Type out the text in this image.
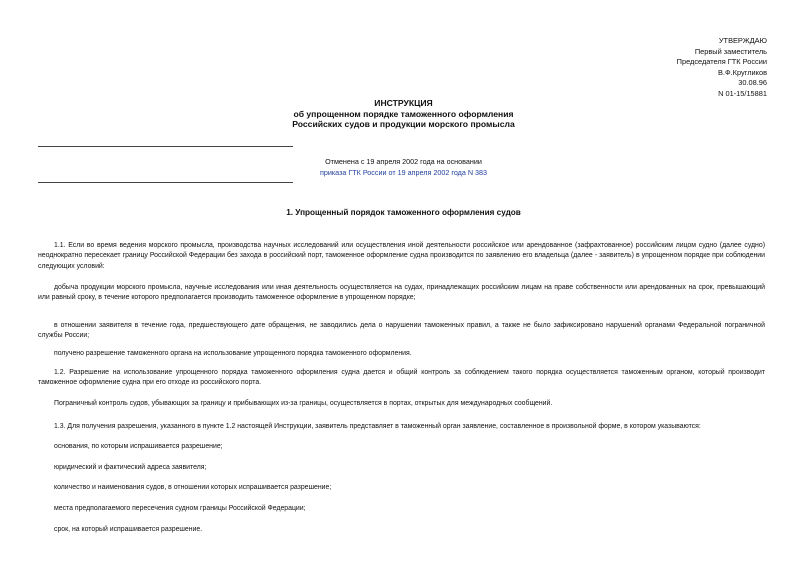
УТВЕРЖДАЮ
Первый заместитель
Председателя ГТК России
В.Ф.Кругликов
30.08.96
N 01-15/15881
ИНСТРУКЦИЯ
об упрощенном порядке таможенного оформления
Российских судов и продукции морского промысла
Отменена с 19 апреля 2002 года на основании
приказа ГТК России от 19 апреля 2002 года N 383
1. Упрощенный порядок таможенного оформления судов

1.1. Если во время ведения морского промысла, производства научных исследований или осуществления иной деятельности российское или арендованное (зафрахтованное) российским лицом судно (далее судно) неоднократно пересекает границу Российской Федерации без захода в российский порт, таможенное оформление судна производится по заявлению его владельца (далее - заявитель) в упрощенном порядке при соблюдении следующих условий:

добыча продукции морского промысла, научные исследования или иная деятельность осуществляется на судах, принадлежащих российским лицам на праве собственности или арендованных на срок, превышающий или равный сроку, в течение которого предполагается производить таможенное оформление в упрощенном порядке;

в отношении заявителя в течение года, предшествующего дате обращения, не заводились дела о нарушении таможенных правил, а также не было зафиксировано нарушений органами Федеральной пограничной службы России;

получено разрешение таможенного органа на использование упрощенного порядка таможенного оформления.

1.2. Разрешение на использование упрощенного порядка таможенного оформления судна дается и общий контроль за соблюдением такого порядка осуществляется таможенным органом, который производит таможенное оформление судна при его отходе из российского порта.

Пограничный контроль судов, убывающих за границу и прибывающих из-за границы, осуществляется в портах, открытых для международных сообщений.

1.3. Для получения разрешения, указанного в пункте 1.2 настоящей Инструкции, заявитель представляет в таможенный орган заявление, составленное в произвольной форме, в котором указываются:

основания, по которым испрашивается разрешение;

юридический и фактический адреса заявителя;

количество и наименования судов, в отношении которых испрашивается разрешение;

места предполагаемого пересечения судном границы Российской Федерации;

срок, на который испрашивается разрешение.
